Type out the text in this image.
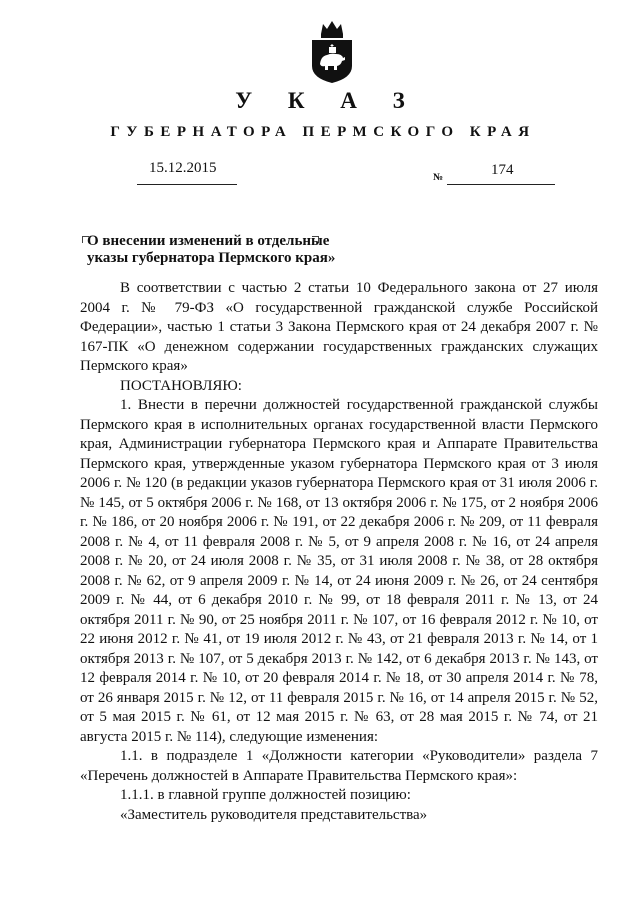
У К А З
ГУБЕРНАТОРА ПЕРМСКОГО КРАЯ
15.12.2015
№	174
О внесении изменений в отдельные
указы губернатора Пермского края»

В соответствии с частью 2 статьи 10 Федерального закона от 27 июля 2004 г. № 79-ФЗ «О государственной гражданской службе Российской Федерации», частью 1 статьи 3 Закона Пермского края от 24 декабря 2007 г. № 167-ПК «О денежном содержании государственных гражданских служащих Пермского края»

ПОСТАНОВЛЯЮ:

1. Внести в перечни должностей государственной гражданской службы Пермского края в исполнительных органах государственной власти Пермского края, Администрации губернатора Пермского края и Аппарате Правительства Пермского края, утвержденные указом губернатора Пермского края от 3 июля 2006 г. № 120 (в редакции указов губернатора Пермского края от 31 июля 2006 г. № 145, от 5 октября 2006 г. № 168, от 13 октября 2006 г. № 175, от 2 ноября 2006 г. № 186, от 20 ноября 2006 г. № 191, от 22 декабря 2006 г. № 209, от 11 февраля 2008 г. № 4, от 11 февраля 2008 г. № 5, от 9 апреля 2008 г. № 16, от 24 апреля 2008 г. № 20, от 24 июля 2008 г. № 35, от 31 июля 2008 г. № 38, от 28 октября 2008 г. № 62, от 9 апреля 2009 г. № 14, от 24 июня 2009 г. № 26, от 24 сентября 2009 г. № 44, от 6 декабря 2010 г. № 99, от 18 февраля 2011 г. № 13, от 24 октября 2011 г. № 90, от 25 ноября 2011 г. № 107, от 16 февраля 2012 г. № 10, от 22 июня 2012 г. № 41, от 19 июля 2012 г. № 43, от 21 февраля 2013 г. № 14, от 1 октября 2013 г. № 107, от 5 декабря 2013 г. № 142, от 6 декабря 2013 г. № 143, от 12 февраля 2014 г. № 10, от 20 февраля 2014 г. № 18, от 30 апреля 2014 г. № 78, от 26 января 2015 г. № 12, от 11 февраля 2015 г. № 16, от 14 апреля 2015 г. № 52, от 5 мая 2015 г. № 61, от 12 мая 2015 г. № 63, от 28 мая 2015 г. № 74, от 21 августа 2015 г. № 114), следующие изменения:

1.1. в подразделе 1 «Должности категории «Руководители» раздела 7 «Перечень должностей в Аппарате Правительства Пермского края»:

1.1.1. в главной группе должностей позицию:

«Заместитель руководителя представительства»
